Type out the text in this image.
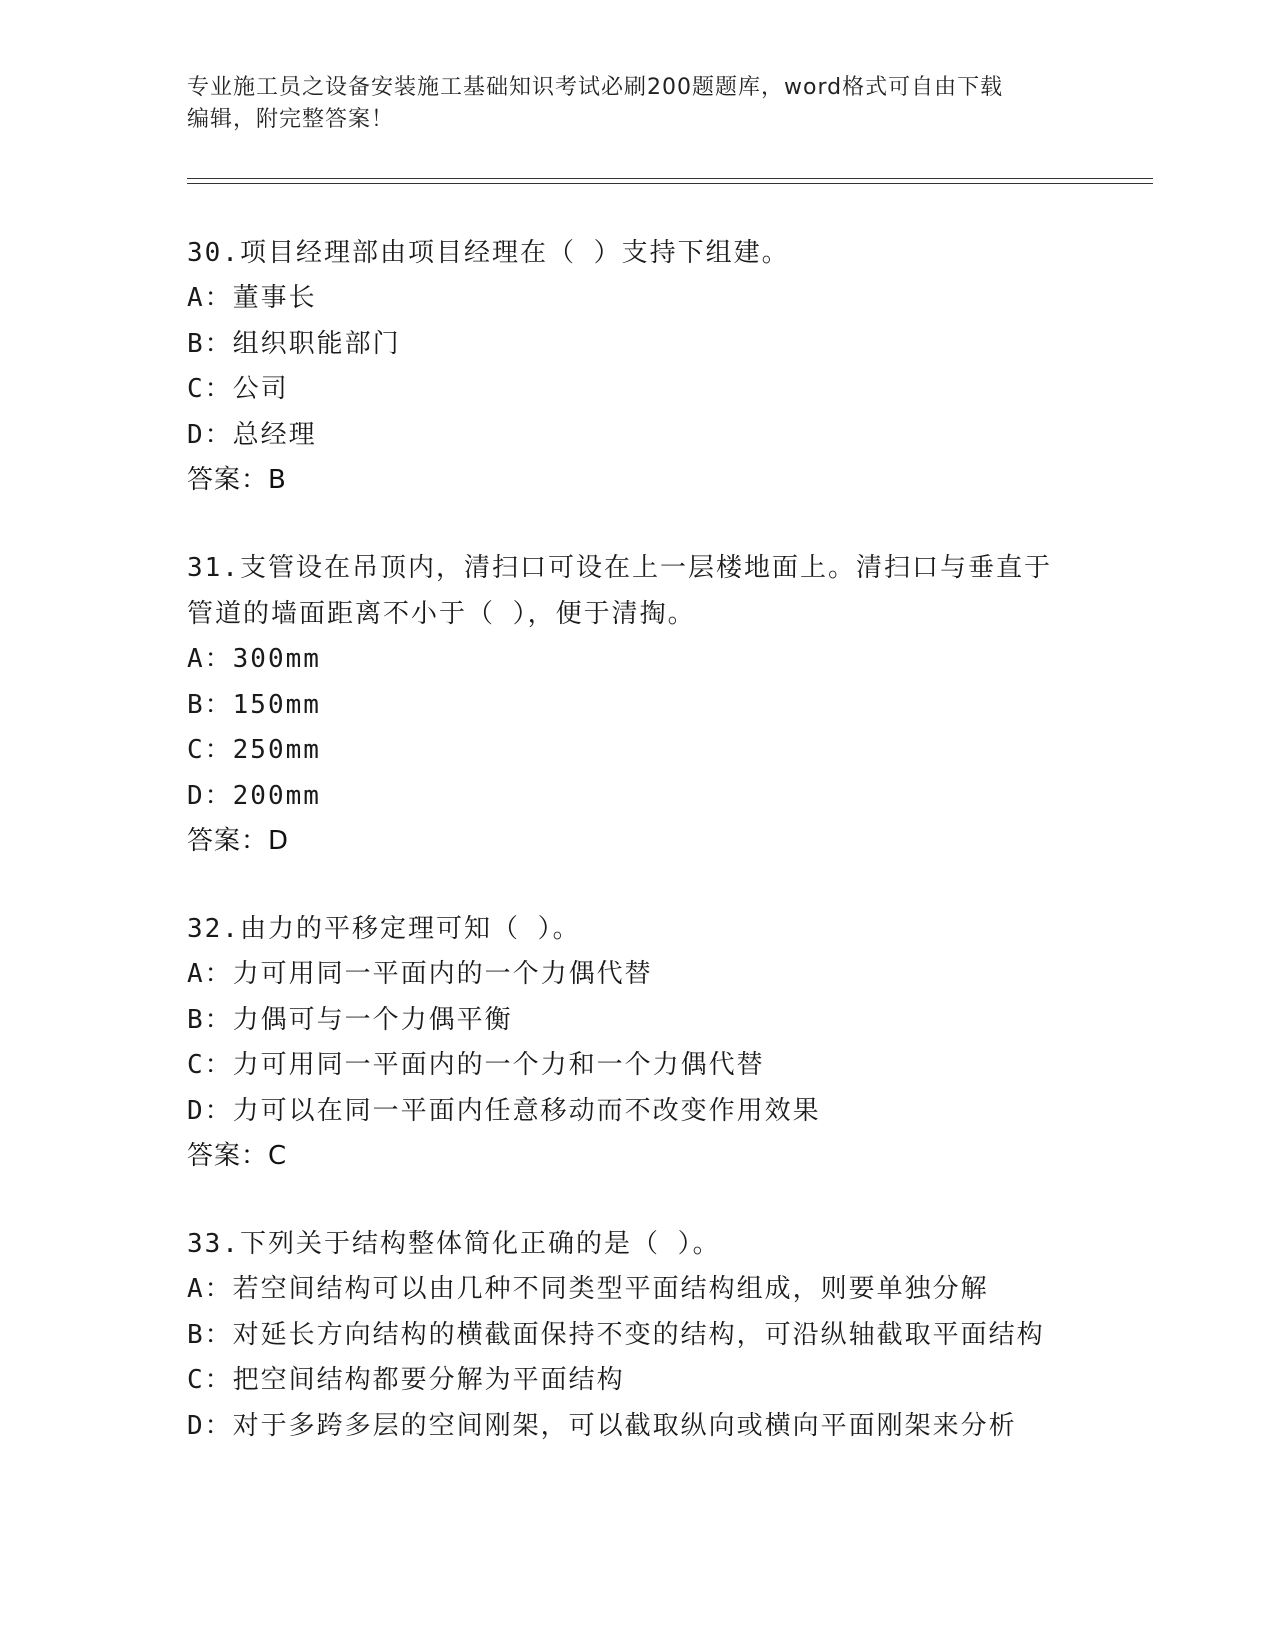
专业施工员之设备安装施工基础知识考试必刷200题题库，word格式可自由下载
编辑，附完整答案！
30.项目经理部由项目经理在（ ）支持下组建。
A：董事长
B：组织职能部门
C：公司
D：总经理
答案：B
31.支管设在吊顶内，清扫口可设在上一层楼地面上。清扫口与垂直于
管道的墙面距离不小于（ ），便于清掏。
A：300mm
B：150mm
C：250mm
D：200mm
答案：D
32.由力的平移定理可知（ ）。
A：力可用同一平面内的一个力偶代替
B：力偶可与一个力偶平衡
C：力可用同一平面内的一个力和一个力偶代替
D：力可以在同一平面内任意移动而不改变作用效果
答案：C
33.下列关于结构整体简化正确的是（ ）。
A：若空间结构可以由几种不同类型平面结构组成，则要单独分解
B：对延长方向结构的横截面保持不变的结构，可沿纵轴截取平面结构
C：把空间结构都要分解为平面结构
D：对于多跨多层的空间刚架，可以截取纵向或横向平面刚架来分析
